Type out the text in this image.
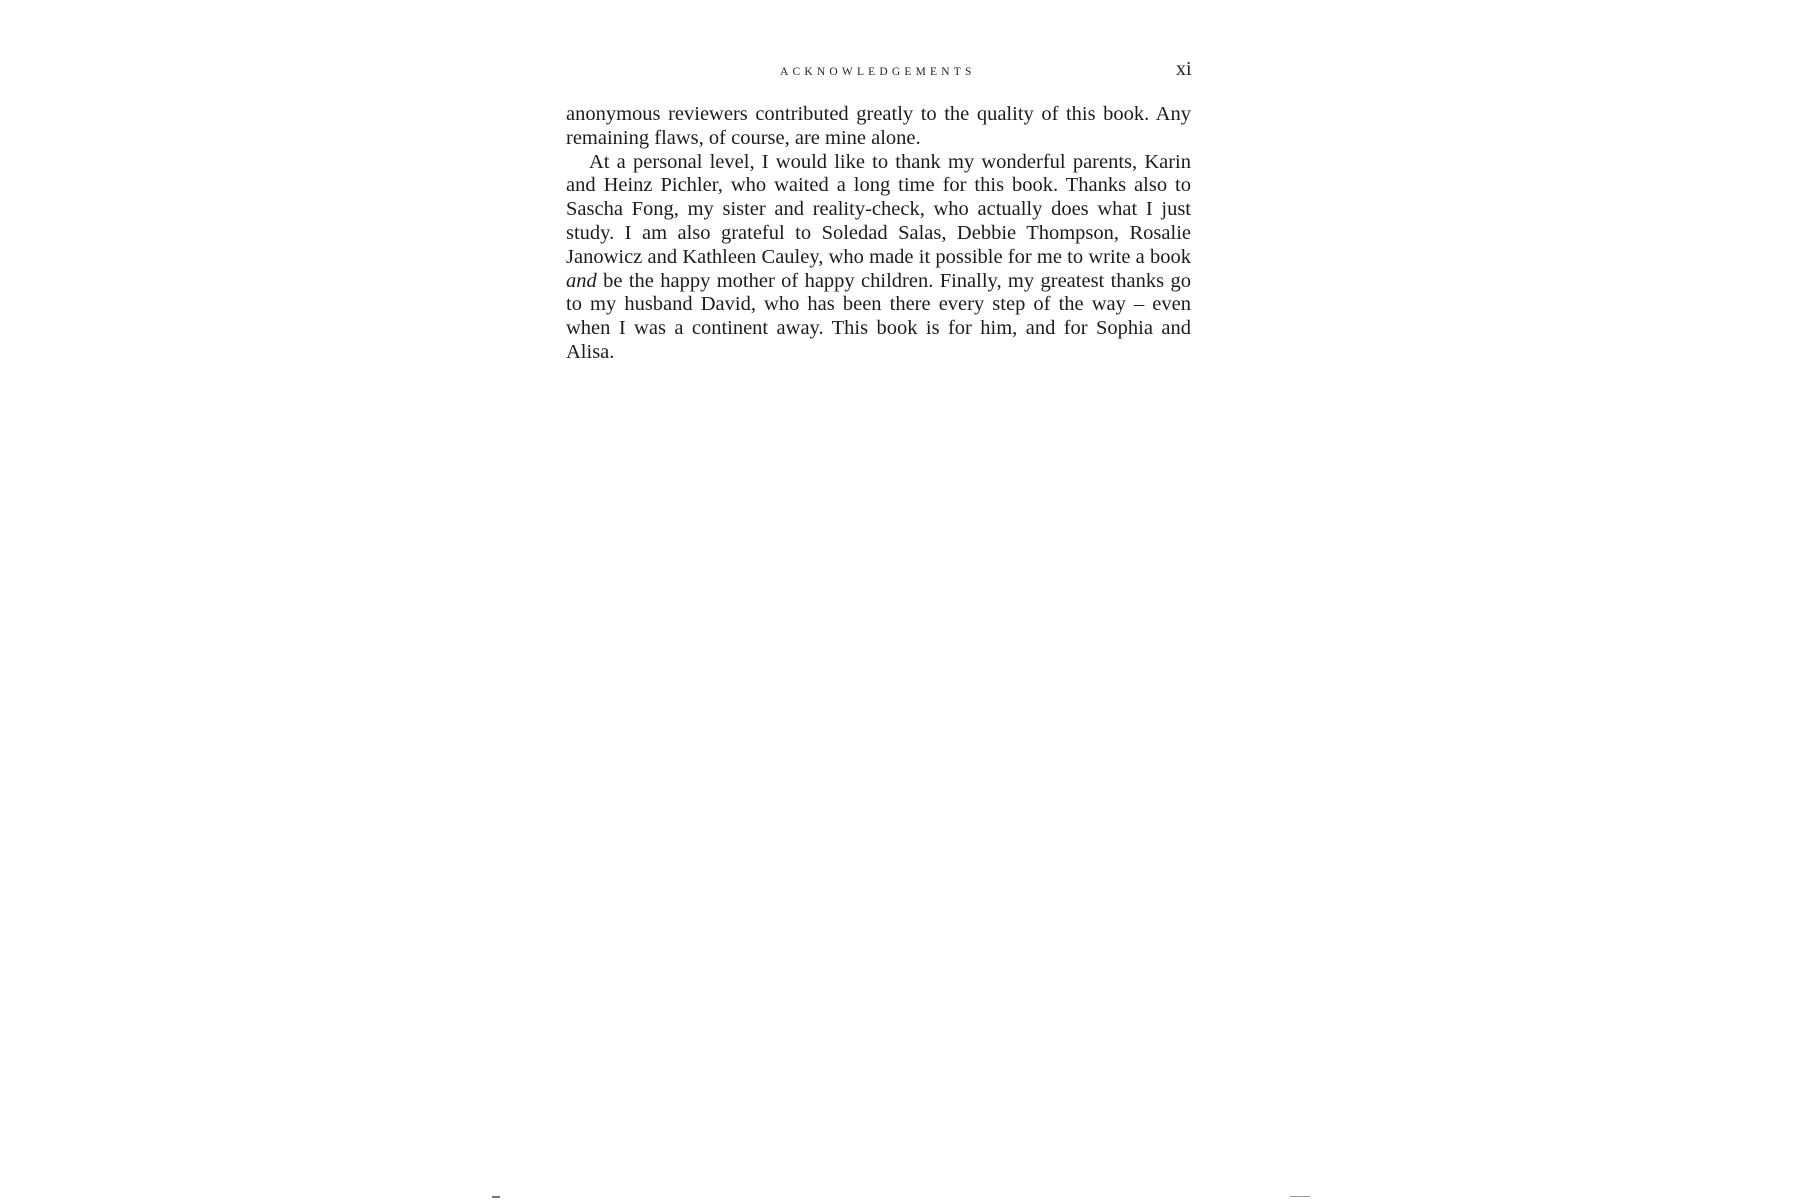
ACKNOWLEDGEMENTS	xi

anonymous reviewers contributed greatly to the quality of this book. Any remaining flaws, of course, are mine alone.

At a personal level, I would like to thank my wonderful parents, Karin and Heinz Pichler, who waited a long time for this book. Thanks also to Sascha Fong, my sister and reality-check, who actually does what I just study. I am also grateful to Soledad Salas, Debbie Thompson, Rosalie Janowicz and Kathleen Cauley, who made it possible for me to write a book and be the happy mother of happy children. Finally, my greatest thanks go to my husband David, who has been there every step of the way – even when I was a continent away. This book is for him, and for Sophia and Alisa.
